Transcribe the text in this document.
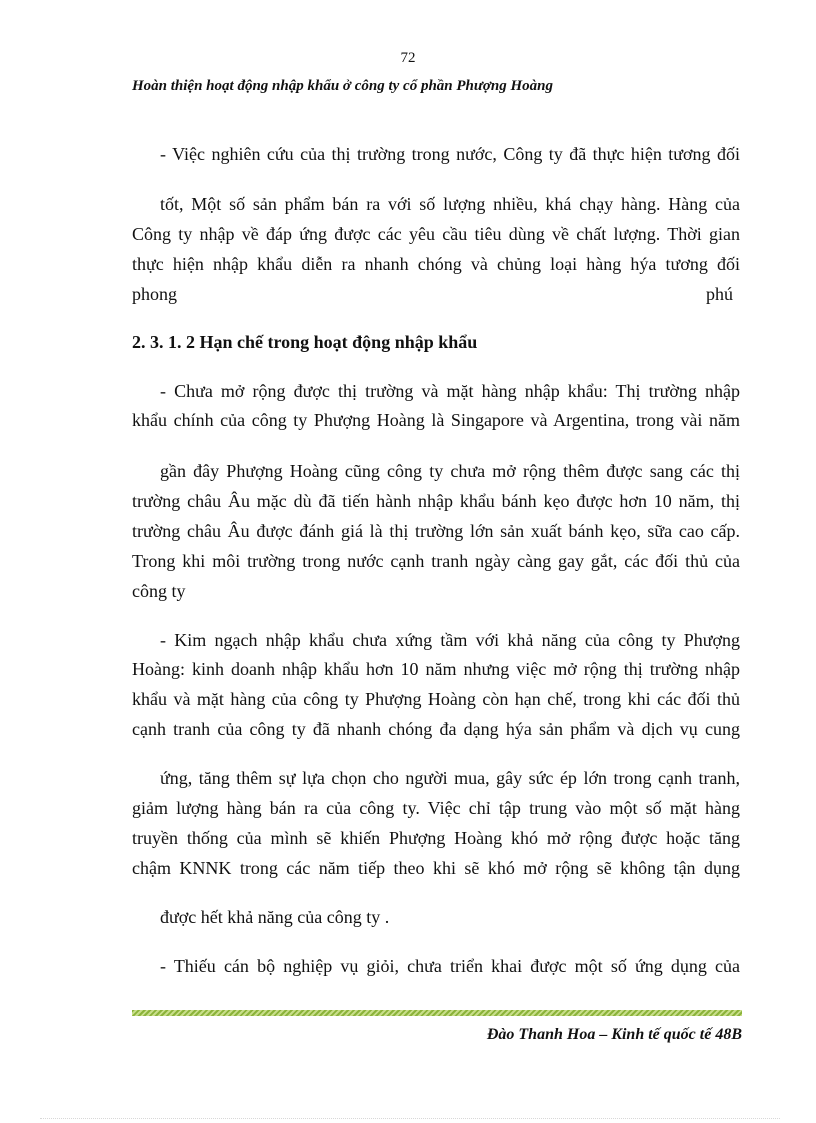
72
Hoàn thiện hoạt động nhập khẩu ở công ty cổ phần Phượng Hoàng
- Việc nghiên cứu của thị trường trong nước, Công ty đã thực hiện tương đối
tốt, Một số sản phẩm bán ra với số lượng nhiều, khá chạy hàng. Hàng của
Công ty nhập về đáp ứng được các yêu cầu tiêu dùng về chất lượng. Thời gian
thực hiện nhập khẩu diễn ra nhanh chóng và chủng loại hàng hýa tương đối
phong	phú
2. 3. 1. 2 Hạn chế trong hoạt động nhập khẩu
- Chưa mở rộng được thị trường và mặt hàng nhập khẩu: Thị trường nhập
khẩu chính của công ty Phượng Hoàng là Singapore và Argentina, trong vài năm
gần đây Phượng Hoàng cũng công ty chưa mở rộng thêm được sang các thị
trường châu Âu mặc dù đã tiến hành nhập khẩu bánh kẹo được hơn 10 năm, thị
trường châu Âu được đánh giá là thị trường lớn sản xuất bánh kẹo, sữa cao cấp.
Trong khi môi trường trong nước cạnh tranh ngày càng gay gắt, các đối thủ của
công ty
- Kim ngạch nhập khẩu chưa xứng tầm với khả năng của công ty Phượng
Hoàng: kinh doanh nhập khẩu hơn 10 năm nhưng việc mở rộng thị trường nhập
khẩu và mặt hàng của công ty Phượng Hoàng còn hạn chế, trong khi các đối thủ
cạnh tranh của công ty đã nhanh chóng đa dạng hýa sản phẩm và dịch vụ cung
ứng, tăng thêm sự lựa chọn cho người mua, gây sức ép lớn trong cạnh tranh,
giảm lượng hàng bán ra của công ty. Việc chỉ tập trung vào một số mặt hàng
truyền thống của mình sẽ khiến Phượng Hoàng khó mở rộng được hoặc tăng
chậm KNNK trong các năm tiếp theo khi sẽ khó mở rộng sẽ không tận dụng
được hết khả năng của công ty .
- Thiếu cán bộ nghiệp vụ giỏi, chưa triển khai được một số ứng dụng của
Đào Thanh Hoa – Kinh tế quốc tế 48B
